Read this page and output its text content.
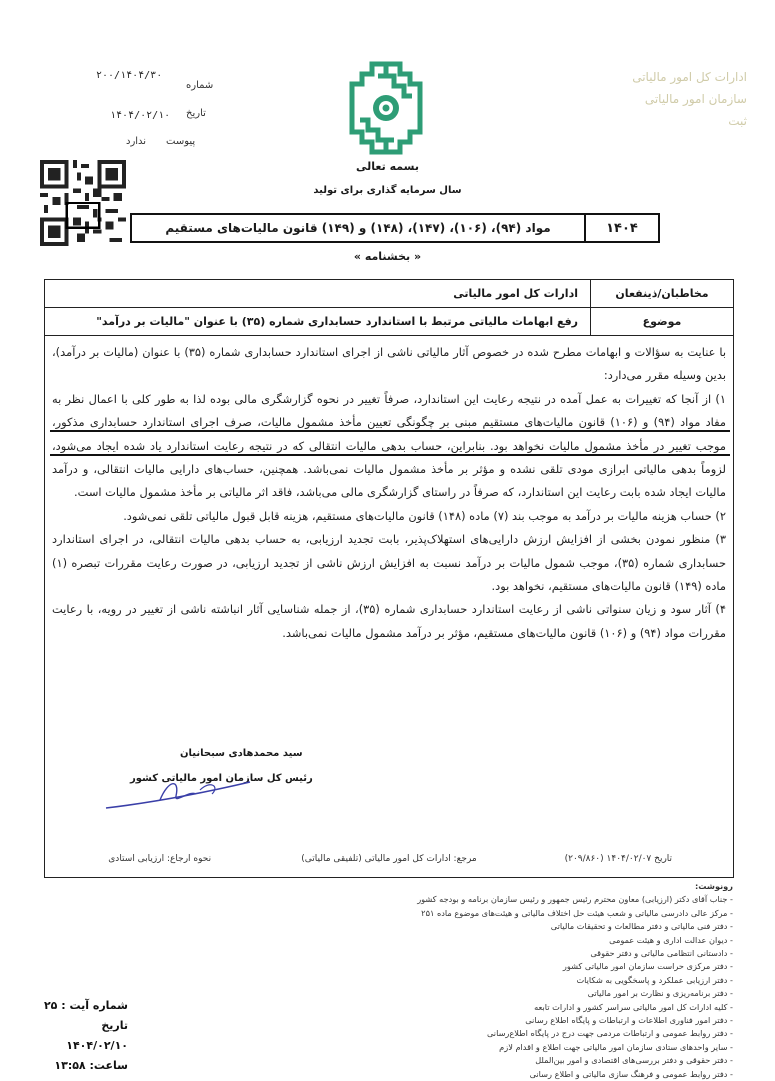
۲۰۰/۱۴۰۴/۳۰
شماره
۱۴۰۴/۰۲/۱۰ تاریخ
پیوست
ندارد
ادارات کل امور مالیاتی
سازمان امور مالیاتی
ثبت
بسمه تعالی
سال سرمایه گذاری برای تولید
۱۴۰۴
مواد (۹۴)، (۱۰۶)، (۱۴۷)، (۱۴۸) و (۱۴۹) قانون مالیات‌های مستقیم
« بخشنامه »
مخاطبان/ذینفعان
ادارات کل امور مالیاتی
موضوع
رفع ابهامات مالیاتی مرتبط با استاندارد حسابداری شماره (۳۵) با عنوان "مالیات بر درآمد"

با عنایت به سؤالات و ابهامات مطرح شده در خصوص آثار مالیاتی ناشی از اجرای استاندارد حسابداری شماره (۳۵) با عنوان (مالیات بر درآمد)، بدین وسیله مقرر می‌دارد:

۱) از آنجا که تغییرات به عمل آمده در نتیجه رعایت این استاندارد، صرفاً تغییر در نحوه گزارشگری مالی بوده لذا به طور کلی با اعمال نظر به مفاد مواد (۹۴) و (۱۰۶) قانون مالیات‌های مستقیم مبنی بر چگونگی تعیین مأخذ مشمول مالیات، صرف اجرای استاندارد حسابداری مذکور، موجب تغییر در مأخذ مشمول مالیات نخواهد بود. بنابراین، حساب بدهی مالیات انتقالی که در نتیجه رعایت استاندارد یاد شده ایجاد می‌شود، لزوماً بدهی مالیاتی ابرازی مودی تلقی نشده و مؤثر بر مأخذ مشمول مالیات نمی‌باشد. همچنین، حساب‌های دارایی مالیات انتقالی، و درآمد مالیات ایجاد شده بابت رعایت این استاندارد، که صرفاً در راستای گزارشگری مالی می‌باشد، فاقد اثر مالیاتی بر مأخذ مشمول مالیات است.

۲) حساب هزینه مالیات بر درآمد به موجب بند (۷) ماده (۱۴۸) قانون مالیات‌های مستقیم، هزینه قابل قبول مالیاتی تلقی نمی‌شود.

۳) منظور نمودن بخشی از افزایش ارزش دارایی‌های استهلاک‌پذیر، بابت تجدید ارزیابی، به حساب بدهی مالیات انتقالی، در اجرای استاندارد حسابداری شماره (۳۵)، موجب شمول مالیات بر درآمد نسبت به افزایش ارزش ناشی از تجدید ارزیابی، در صورت رعایت مقررات تبصره (۱) ماده (۱۴۹) قانون مالیات‌های مستقیم، نخواهد بود.

۴) آثار سود و زیان سنواتی ناشی از رعایت استاندارد حسابداری شماره (۳۵)، از جمله شناسایی آثار انباشته ناشی از تغییر در رویه، با رعایت مقررات مواد (۹۴) و (۱۰۶) قانون مالیات‌های مستقیم، مؤثر بر درآمد مشمول مالیات نمی‌باشد.

سید محمدهادی سبحانیان
رئیس کل سازمان امور مالیاتی کشور
تاریخ ۱۴۰۴/۰۲/۰۷ (۲۰۹/۸۶۰)
مرجع: ادارات کل امور مالیاتی (تلفیقی مالیاتی)
نحوه ارجاع: ارزیابی استادی
رونوشت:
- جناب آقای دکتر (ارزیابی) معاون محترم رئیس جمهور و رئیس سازمان برنامه و بودجه کشور
- مرکز عالی دادرسی مالیاتی و شعب هیئت حل اختلاف مالیاتی و هیئت‌های موضوع ماده ۲۵۱
- دفتر فنی مالیاتی و دفتر مطالعات و تحقیقات مالیاتی
- دیوان عدالت اداری و هیئت عمومی
- دادستانی انتظامی مالیاتی و دفتر حقوقی
- دفتر مرکزی حراست سازمان امور مالیاتی کشور
- دفتر ارزیابی عملکرد و پاسخگویی به شکایات
- دفتر برنامه‌ریزی و نظارت بر امور مالیاتی
- کلیه ادارات کل امور مالیاتی سراسر کشور و ادارات تابعه
- دفتر امور فناوری اطلاعات و ارتباطات و پایگاه اطلاع رسانی
- دفتر روابط عمومی و ارتباطات مردمی جهت درج در پایگاه اطلاع‌رسانی
- سایر واحدهای ستادی سازمان امور مالیاتی جهت اطلاع و اقدام لازم
- دفتر حقوقی و دفتر بررسی‌های اقتصادی و امور بین‌الملل
- دفتر روابط عمومی و فرهنگ سازی مالیاتی و اطلاع رسانی
شماره آیت : ۲۵
تاریخ ۱۴۰۴/۰۲/۱۰
ساعت: ۱۳:۵۸
